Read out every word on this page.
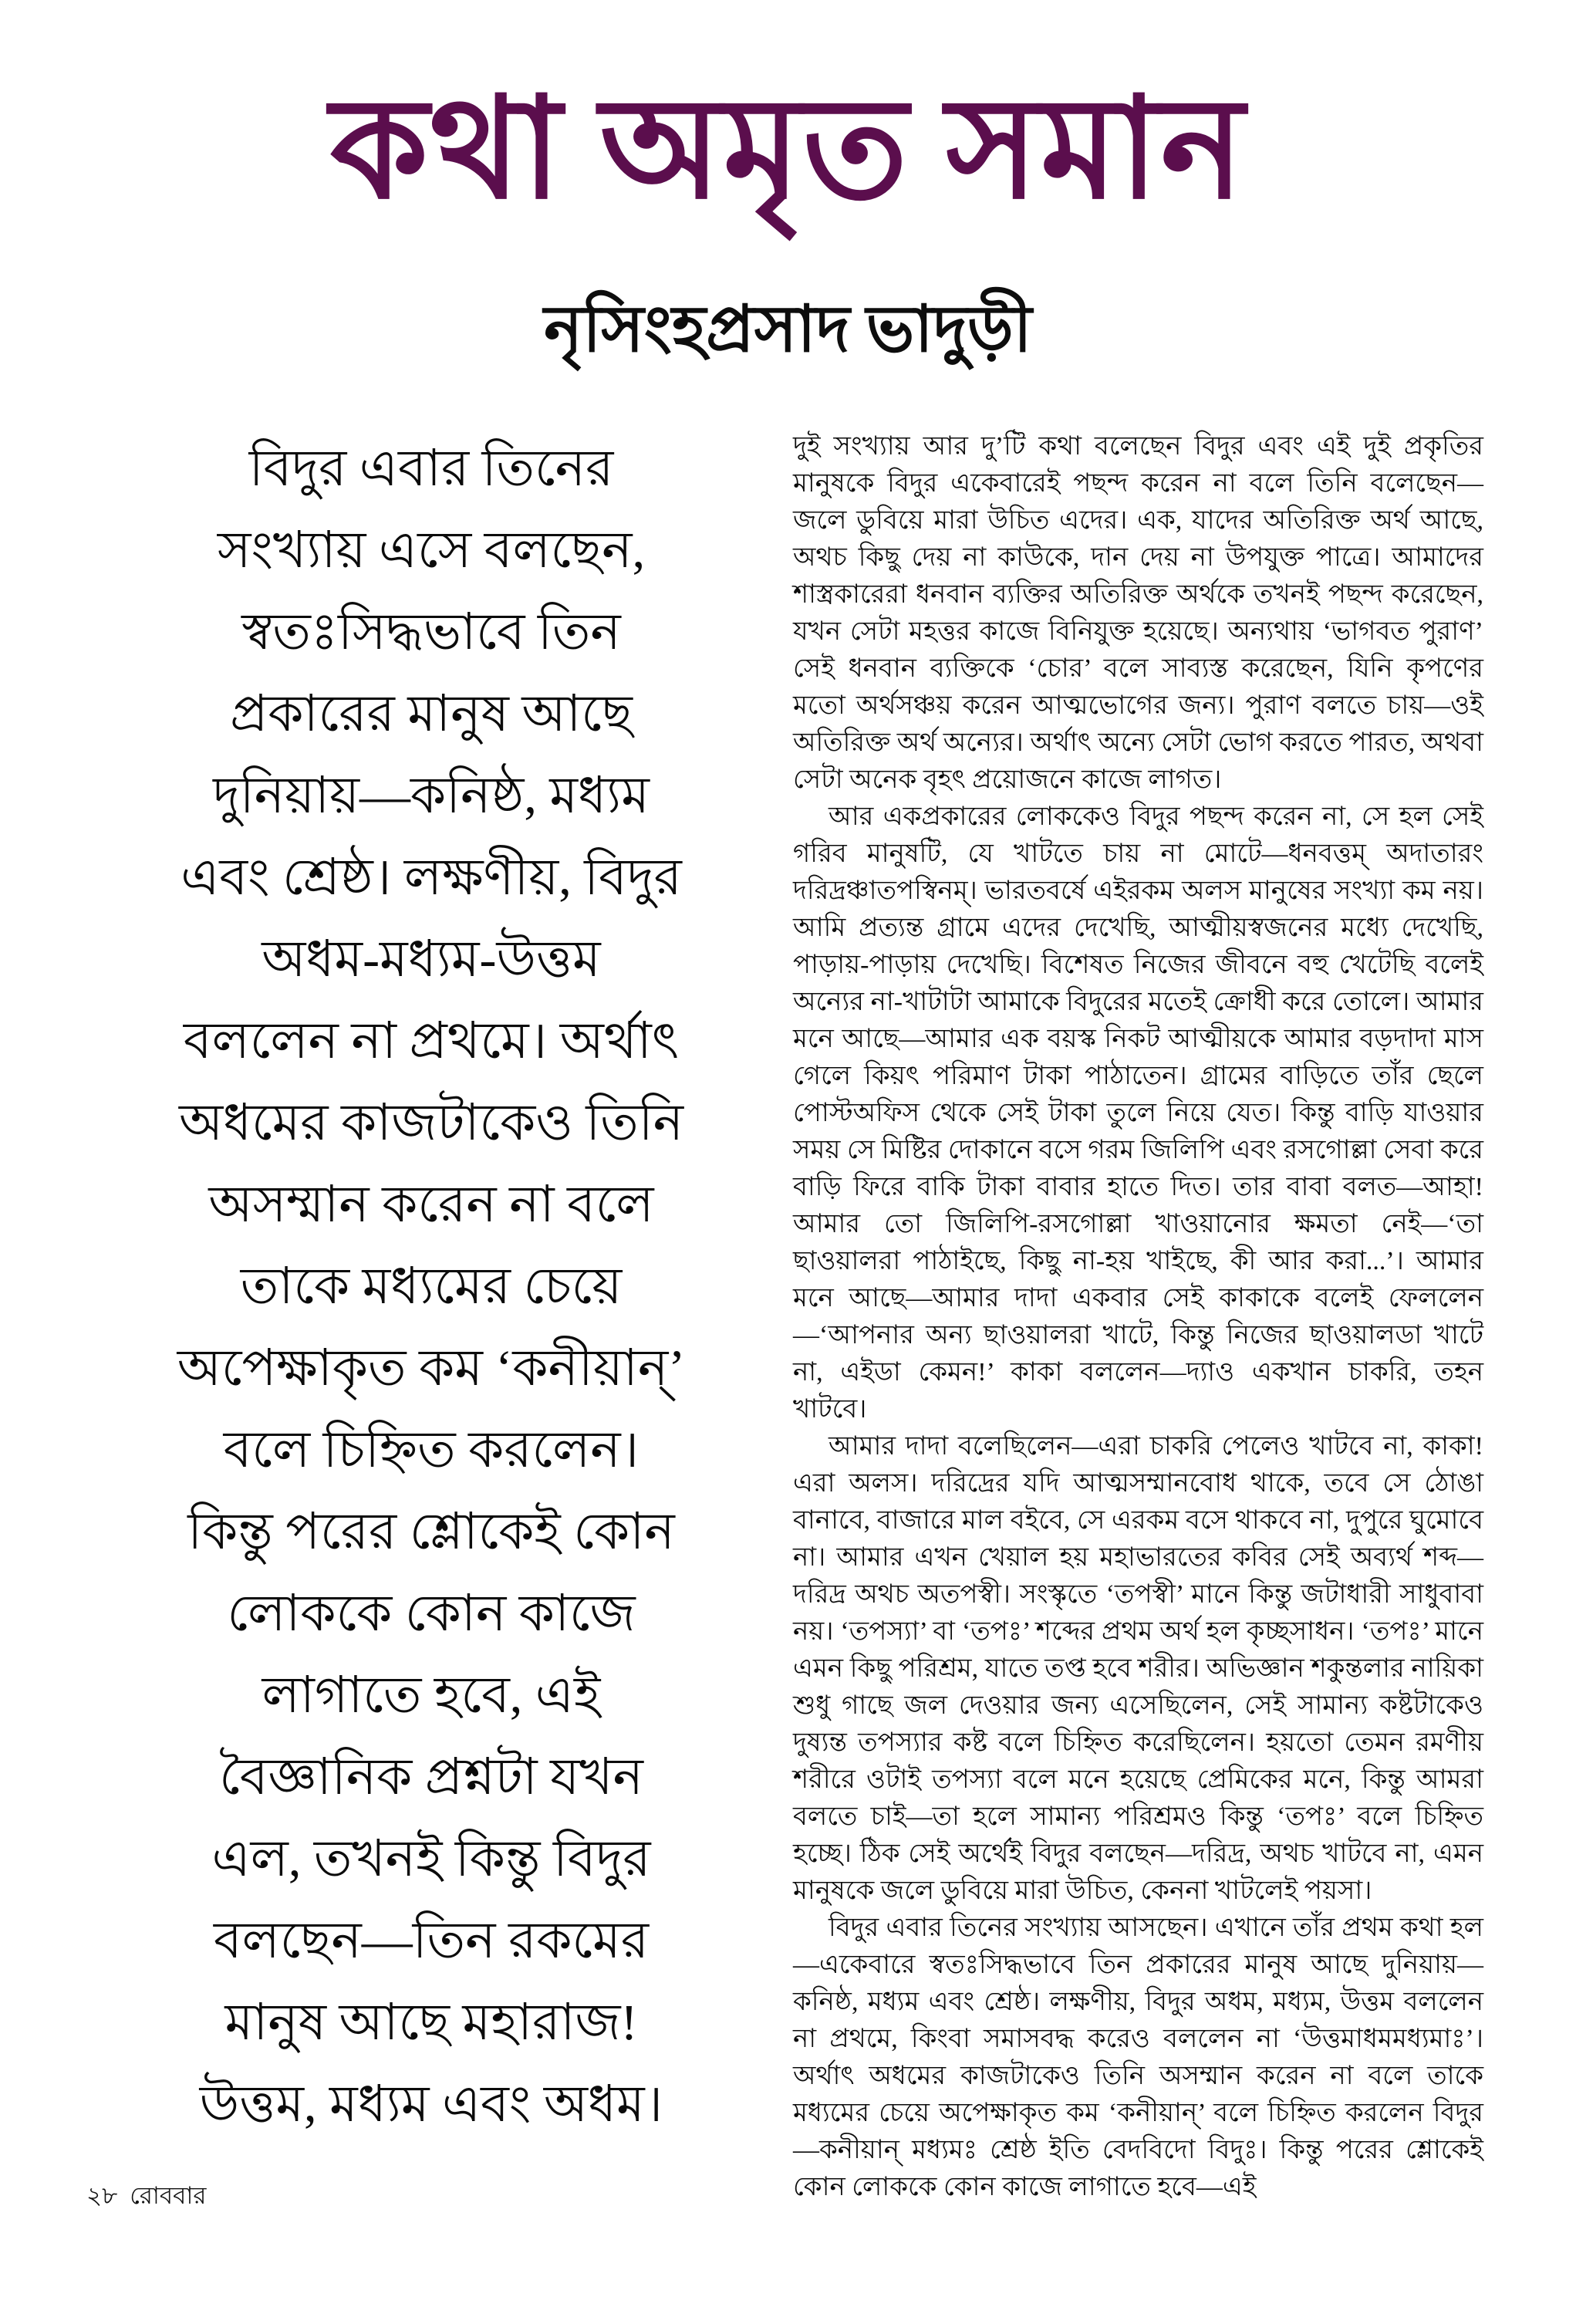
কথা অমৃত সমান
নৃসিংহপ্রসাদ ভাদুড়ী
বিদুর এবার তিনের
সংখ্যায় এসে বলছেন,
স্বতঃসিদ্ধভাবে তিন
প্রকারের মানুষ আছে
দুনিয়ায়—কনিষ্ঠ, মধ্যম
এবং শ্রেষ্ঠ। লক্ষণীয়, বিদুর
অধম-মধ্যম-উত্তম
বললেন না প্রথমে। অর্থাৎ
অধমের কাজটাকেও তিনি
অসম্মান করেন না বলে
তাকে মধ্যমের চেয়ে
অপেক্ষাকৃত কম ‘কনীয়ান্’
বলে চিহ্নিত করলেন।
কিন্তু পরের শ্লোকেই কোন
লোককে কোন কাজে
লাগাতে হবে, এই
বৈজ্ঞানিক প্রশ্নটা যখন
এল, তখনই কিন্তু বিদুর
বলছেন—তিন রকমের
মানুষ আছে মহারাজ!
উত্তম, মধ্যম এবং অধম।

দুই সংখ্যায় আর দু’টি কথা বলেছেন বিদুর এবং এই দুই প্রকৃতির মানুষকে বিদুর একেবারেই পছন্দ করেন না বলে তিনি বলেছেন—জলে ডুবিয়ে মারা উচিত এদের। এক, যাদের অতিরিক্ত অর্থ আছে, অথচ কিছু দেয় না কাউকে, দান দেয় না উপযুক্ত পাত্রে। আমাদের শাস্ত্রকারেরা ধনবান ব্যক্তির অতিরিক্ত অর্থকে তখনই পছন্দ করেছেন, যখন সেটা মহত্তর কাজে বিনিযুক্ত হয়েছে। অন্যথায় ‘ভাগবত পুরাণ’ সেই ধনবান ব্যক্তিকে ‘চোর’ বলে সাব্যস্ত করেছেন, যিনি কৃপণের মতো অর্থসঞ্চয় করেন আত্মভোগের জন্য। পুরাণ বলতে চায়—ওই অতিরিক্ত অর্থ অন্যের। অর্থাৎ অন্যে সেটা ভোগ করতে পারত, অথবা সেটা অনেক বৃহৎ প্রয়োজনে কাজে লাগত।

আর একপ্রকারের লোককেও বিদুর পছন্দ করেন না, সে হল সেই গরিব মানুষটি, যে খাটতে চায় না মোটে—ধনবত্তম্ অদাতারং দরিদ্রঞ্চাতপস্বিনম্। ভারতবর্ষে এইরকম অলস মানুষের সংখ্যা কম নয়। আমি প্রত্যন্ত গ্রামে এদের দেখেছি, আত্মীয়স্বজনের মধ্যে দেখেছি, পাড়ায়-পাড়ায় দেখেছি। বিশেষত নিজের জীবনে বহু খেটেছি বলেই অন্যের না-খাটাটা আমাকে বিদুরের মতেই ক্রোধী করে তোলে। আমার মনে আছে—আমার এক বয়স্ক নিকট আত্মীয়কে আমার বড়দাদা মাস গেলে কিয়ৎ পরিমাণ টাকা পাঠাতেন। গ্রামের বাড়িতে তাঁর ছেলে পোস্টঅফিস থেকে সেই টাকা তুলে নিয়ে যেত। কিন্তু বাড়ি যাওয়ার সময় সে মিষ্টির দোকানে বসে গরম জিলিপি এবং রসগোল্লা সেবা করে বাড়ি ফিরে বাকি টাকা বাবার হাতে দিত। তার বাবা বলত—আহা! আমার তো জিলিপি-রসগোল্লা খাওয়ানোর ক্ষমতা নেই—‘তা ছাওয়ালরা পাঠাইছে, কিছু না-হয় খাইছে, কী আর করা...’। আমার মনে আছে—আমার দাদা একবার সেই কাকাকে বলেই ফেললেন—‘আপনার অন্য ছাওয়ালরা খাটে, কিন্তু নিজের ছাওয়ালডা খাটে না, এইডা কেমন!’ কাকা বললেন—দ্যাও একখান চাকরি, তহন খাটবে।

আমার দাদা বলেছিলেন—এরা চাকরি পেলেও খাটবে না, কাকা! এরা অলস। দরিদ্রের যদি আত্মসম্মানবোধ থাকে, তবে সে ঠোঙা বানাবে, বাজারে মাল বইবে, সে এরকম বসে থাকবে না, দুপুরে ঘুমোবে না। আমার এখন খেয়াল হয় মহাভারতের কবির সেই অব্যর্থ শব্দ—দরিদ্র অথচ অতপস্বী। সংস্কৃতে ‘তপস্বী’ মানে কিন্তু জটাধারী সাধুবাবা নয়। ‘তপস্যা’ বা ‘তপঃ’ শব্দের প্রথম অর্থ হল কৃচ্ছসাধন। ‘তপঃ’ মানে এমন কিছু পরিশ্রম, যাতে তপ্ত হবে শরীর। অভিজ্ঞান শকুন্তলার নায়িকা শুধু গাছে জল দেওয়ার জন্য এসেছিলেন, সেই সামান্য কষ্টটাকেও দুষ্যন্ত তপস্যার কষ্ট বলে চিহ্নিত করেছিলেন। হয়তো তেমন রমণীয় শরীরে ওটাই তপস্যা বলে মনে হয়েছে প্রেমিকের মনে, কিন্তু আমরা বলতে চাই—তা হলে সামান্য পরিশ্রমও কিন্তু ‘তপঃ’ বলে চিহ্নিত হচ্ছে। ঠিক সেই অর্থেই বিদুর বলছেন—দরিদ্র, অথচ খাটবে না, এমন মানুষকে জলে ডুবিয়ে মারা উচিত, কেননা খাটলেই পয়সা।

বিদুর এবার তিনের সংখ্যায় আসছেন। এখানে তাঁর প্রথম কথা হল—একেবারে স্বতঃসিদ্ধভাবে তিন প্রকারের মানুষ আছে দুনিয়ায়—কনিষ্ঠ, মধ্যম এবং শ্রেষ্ঠ। লক্ষণীয়, বিদুর অধম, মধ্যম, উত্তম বললেন না প্রথমে, কিংবা সমাসবদ্ধ করেও বললেন না ‘উত্তমাধমমধ্যমাঃ’। অর্থাৎ অধমের কাজটাকেও তিনি অসম্মান করেন না বলে তাকে মধ্যমের চেয়ে অপেক্ষাকৃত কম ‘কনীয়ান্’ বলে চিহ্নিত করলেন বিদুর—কনীয়ান্ মধ্যমঃ শ্রেষ্ঠ ইতি বেদবিদো বিদুঃ। কিন্তু পরের শ্লোকেই কোন লোককে কোন কাজে লাগাতে হবে—এই

২৮ রোববার
